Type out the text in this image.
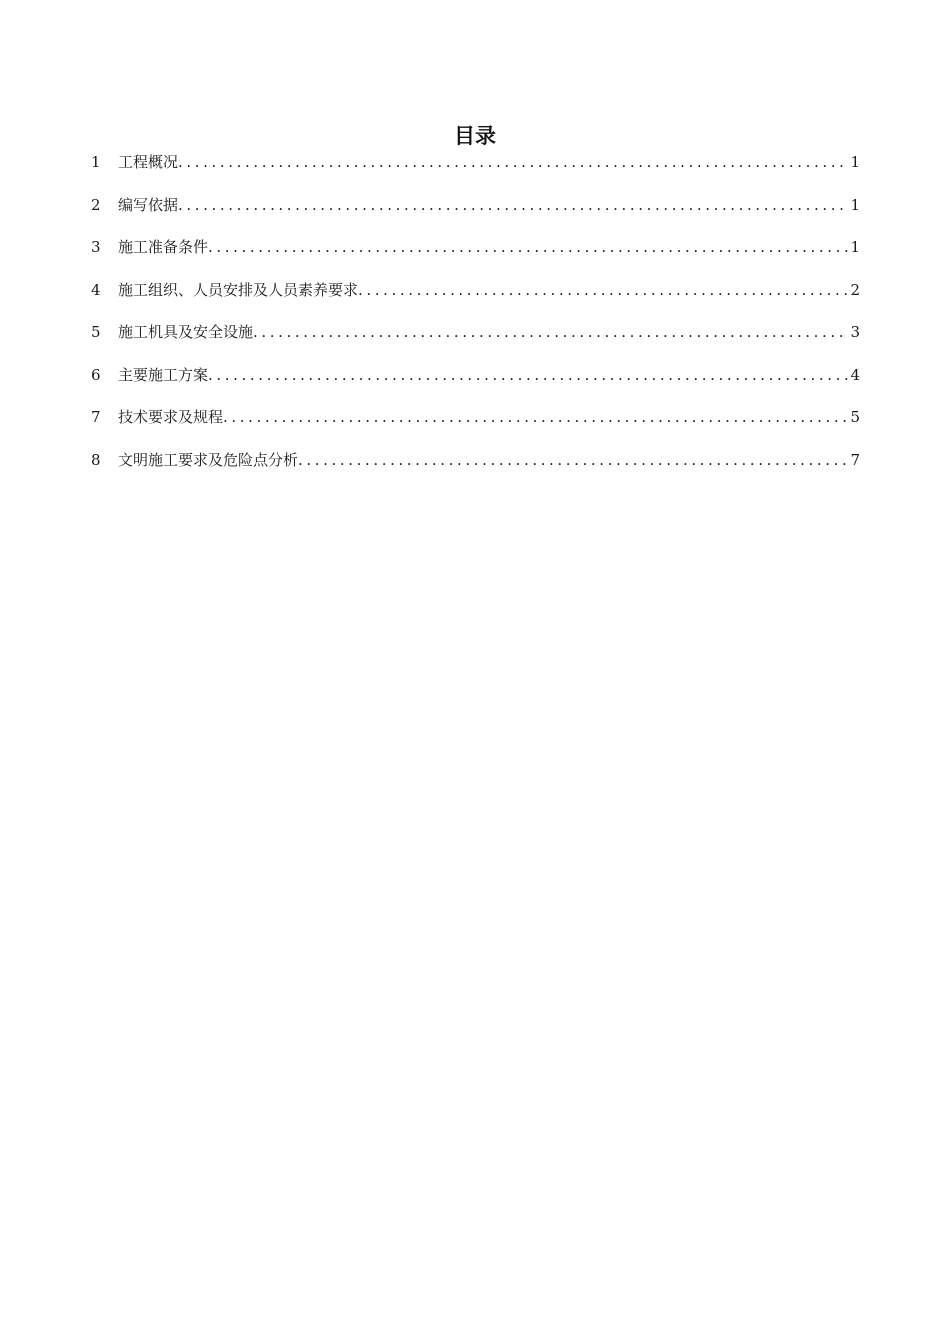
目录
1	工程概况 .....	1
2	编写依据 .....	1
3	施工准备条件 .....	1
4	施工组织、人员安排及人员素养要求 .....	2
5	施工机具及安全设施 .....	3
6	主要施工方案 .....	4
7	技术要求及规程 .....	5
8	文明施工要求及危险点分析 .....	7
